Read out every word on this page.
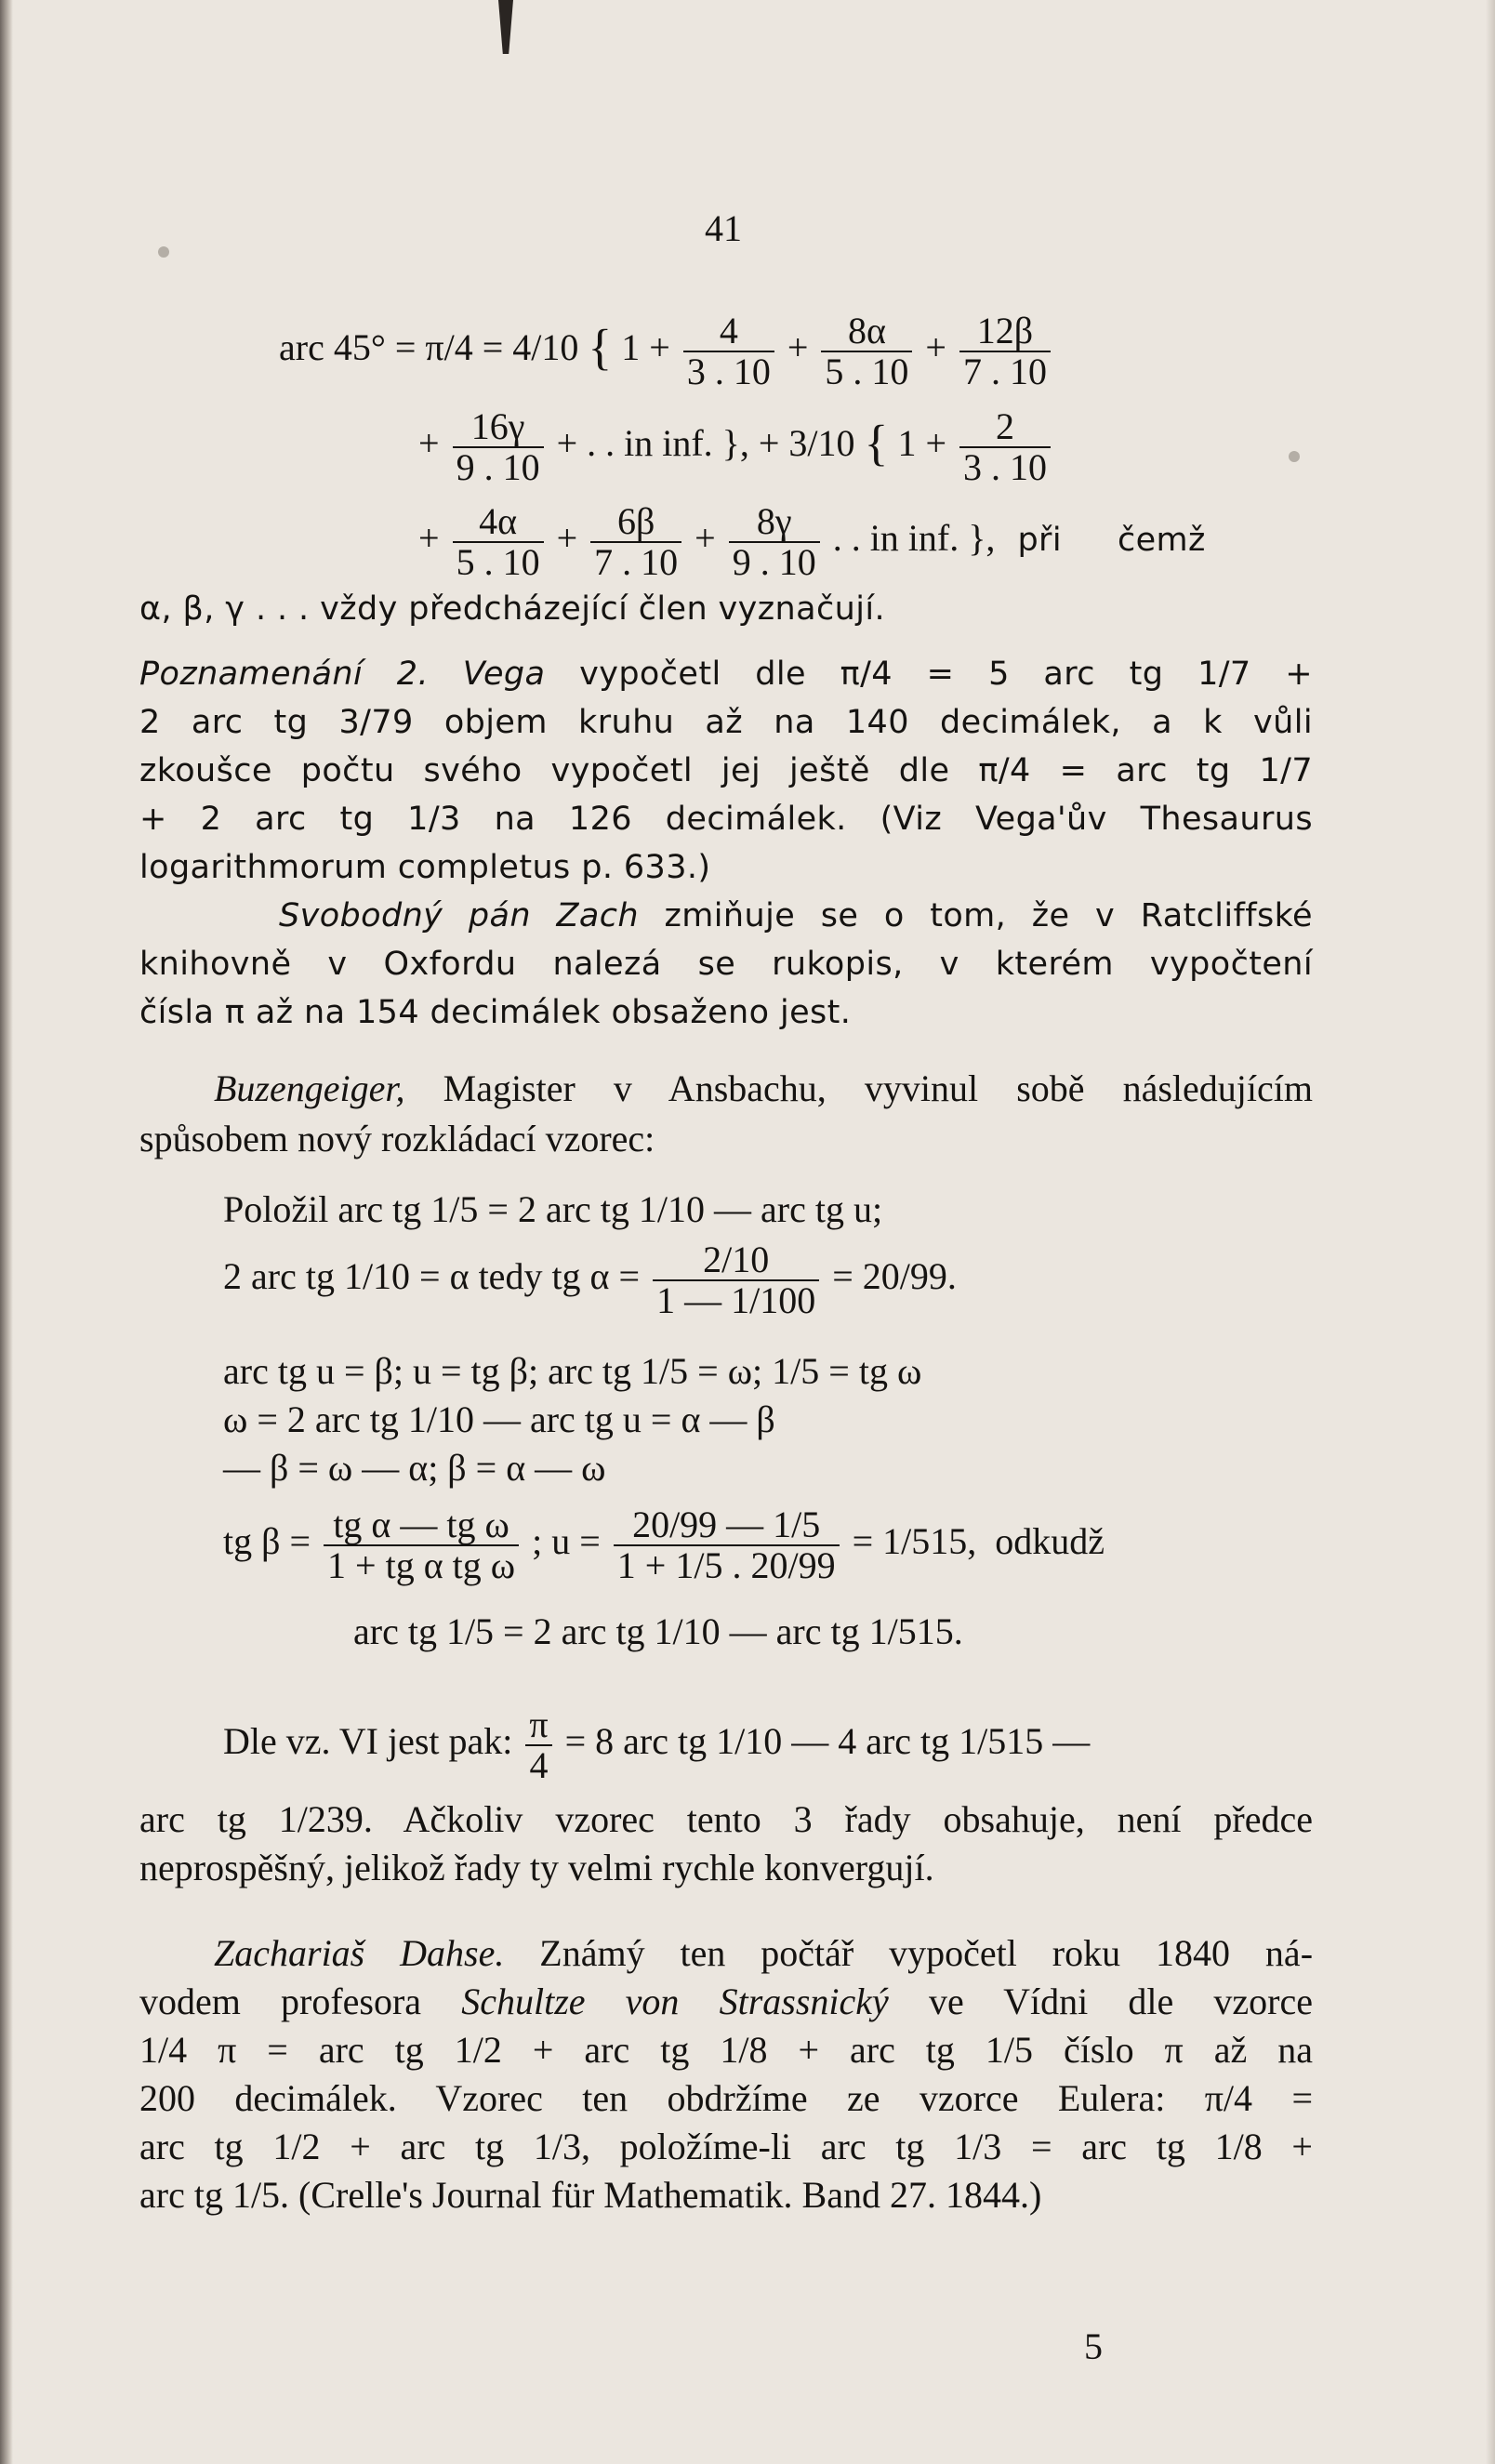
41
arc 45° = π/4 = 4/10 { $1 + \frac{4}{3 . 10} + \frac{8\alpha}{5 . 10} + \frac{12\beta}{7 . 10}$
+ $\frac{16\gamma}{9 . 10}$ + . . in inf. }, + 3/10 { $1 + \frac{2}{3 . 10}$
+ $\frac{4\alpha}{5 . 10} + \frac{6\beta}{7 . 10} + \frac{8\gamma}{9 . 10}$ . . in inf. }, při čemž
α, β, γ . . . vždy předcházející člen vyznačují.
Poznamenání 2. Vega vypočetl dle π/4 = 5 arc tg 1/7 +
2 arc tg 3/79 objem kruhu až na 140 decimálek, a k vůli
zkoušce počtu svého vypočetl jej ještě dle π/4 = arc tg 1/7
+ 2 arc tg 1/3 na 126 decimálek. (Viz Vega'ův Thesaurus
logarithmorum completus p. 633.)
Svobodný pán Zach zmiňuje se o tom, že v Ratcliffské
knihovně v Oxfordu nalezá se rukopis, v kterém vypočtení
čísla π až na 154 decimálek obsaženo jest.
Buzengeiger, Magister v Ansbachu, vyvinul sobě následujícím
spůsobem nový rozkládací vzorec:
Položil arc tg 1/5 = 2 arc tg 1/10 — arc tg u;
2 arc tg 1/10 = α tedy tg $\alpha = \frac{2/10}{1 — 1/100} = 20/99$.
arc tg u = β; u = tg β; arc tg 1/5 = ω; 1/5 = tg ω
ω = 2 arc tg 1/10 — arc tg u = α — β
— β = ω — α; β = α — ω
tg $\beta = \frac{\text{tg α — tg ω}}{\text{1 + tg α tg ω}}$ ; $u = \frac{20/99 — 1/5}{1 + 1/5 . 20/99} = 1/515$, odkudž
arc tg 1/5 = 2 arc tg 1/10 — arc tg 1/515.
Dle vz. VI jest pak: $\frac{\pi}{4} = 8$ arc tg 1/10 — 4 arc tg 1/515 —
arc tg 1/239. Ačkoliv vzorec tento 3 řady obsahuje, není předce
neprospěšný, jelikož řady ty velmi rychle konvergují.
Zachariaš Dahse. Známý ten počtář vypočetl roku 1840 ná-
vodem profesora Schultze von Strassnický ve Vídni dle vzorce
1/4 π = arc tg 1/2 + arc tg 1/8 + arc tg 1/5 číslo π až na
200 decimálek. Vzorec ten obdržíme ze vzorce Eulera: π/4 =
arc tg 1/2 + arc tg 1/3, položíme-li arc tg 1/3 = arc tg 1/8 +
arc tg 1/5. (Crelle's Journal für Mathematik. Band 27. 1844.)
5
